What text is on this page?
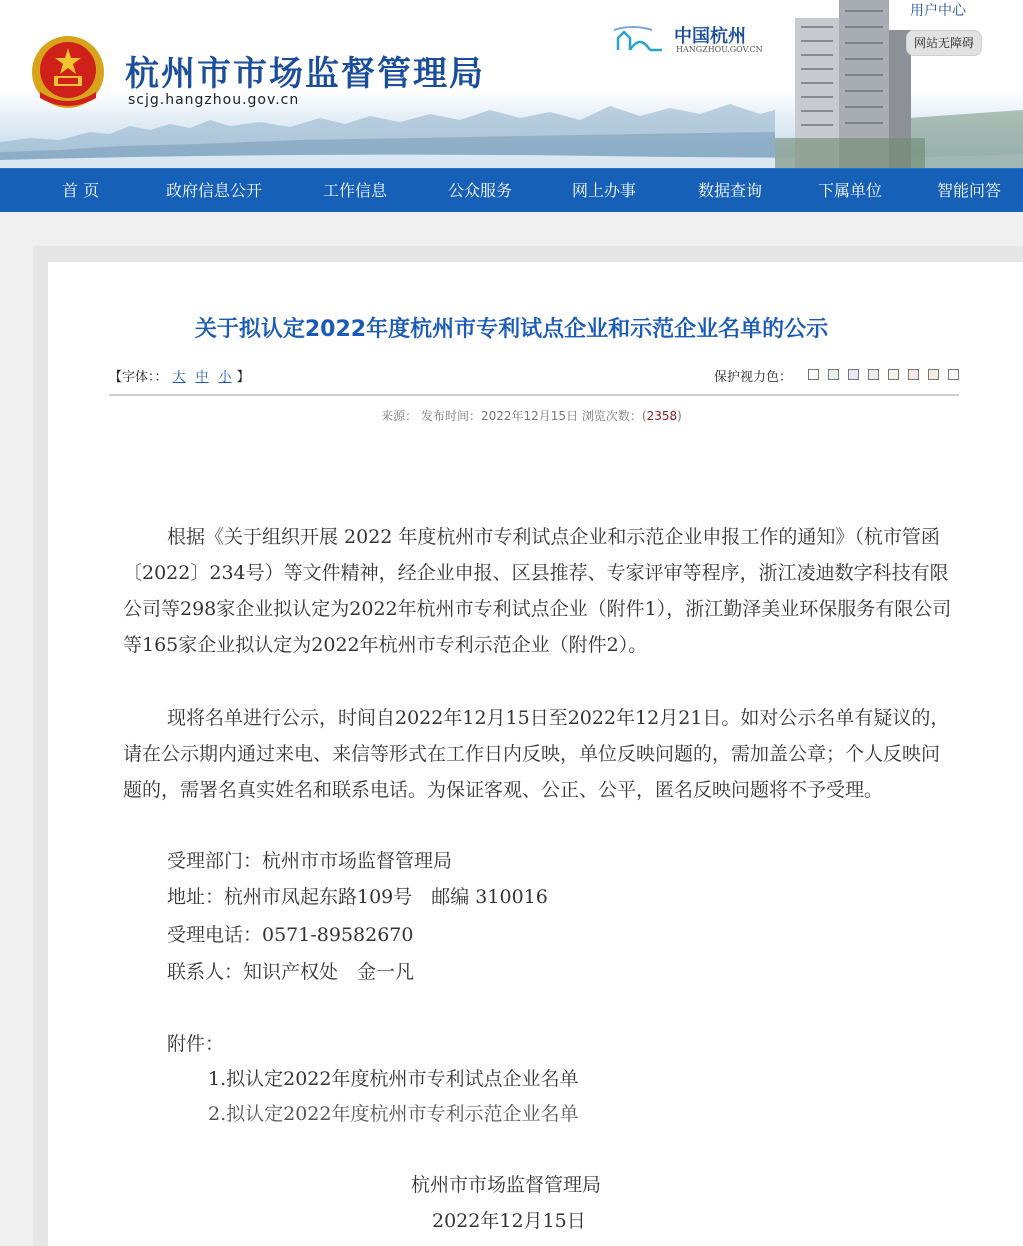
杭州市市场监督管理局
scjg.hangzhou.gov.cn
中国杭州
HANGZHOU.GOV.CN
用户中心
网站无障碍
首 页	政府信息公开	工作信息	公众服务	网上办事	数据查询	下属单位	智能问答
关于拟认定2022年度杭州市专利试点企业和示范企业名单的公示
【字体：： 大 中 小 】	保护视力色：
来源： 发布时间：2022年12月15日 浏览次数：(2358)
根据《关于组织开展 2022 年度杭州市专利试点企业和示范企业申报工作的通知》（杭市管函〔2022〕234号）等文件精神，经企业申报、区县推荐、专家评审等程序，浙江凌迪数字科技有限公司等298家企业拟认定为2022年杭州市专利试点企业（附件1），浙江勤泽美业环保服务有限公司等165家企业拟认定为2022年杭州市专利示范企业（附件2）。
现将名单进行公示，时间自2022年12月15日至2022年12月21日。如对公示名单有疑议的，请在公示期内通过来电、来信等形式在工作日内反映，单位反映问题的，需加盖公章；个人反映问题的，需署名真实姓名和联系电话。为保证客观、公正、公平，匿名反映问题将不予受理。
受理部门：杭州市市场监督管理局
地址：杭州市凤起东路109号　邮编 310016
受理电话：0571-89582670
联系人：知识产权处　金一凡
附件：
1.拟认定2022年度杭州市专利试点企业名单
2.拟认定2022年度杭州市专利示范企业名单
杭州市市场监督管理局
2022年12月15日
